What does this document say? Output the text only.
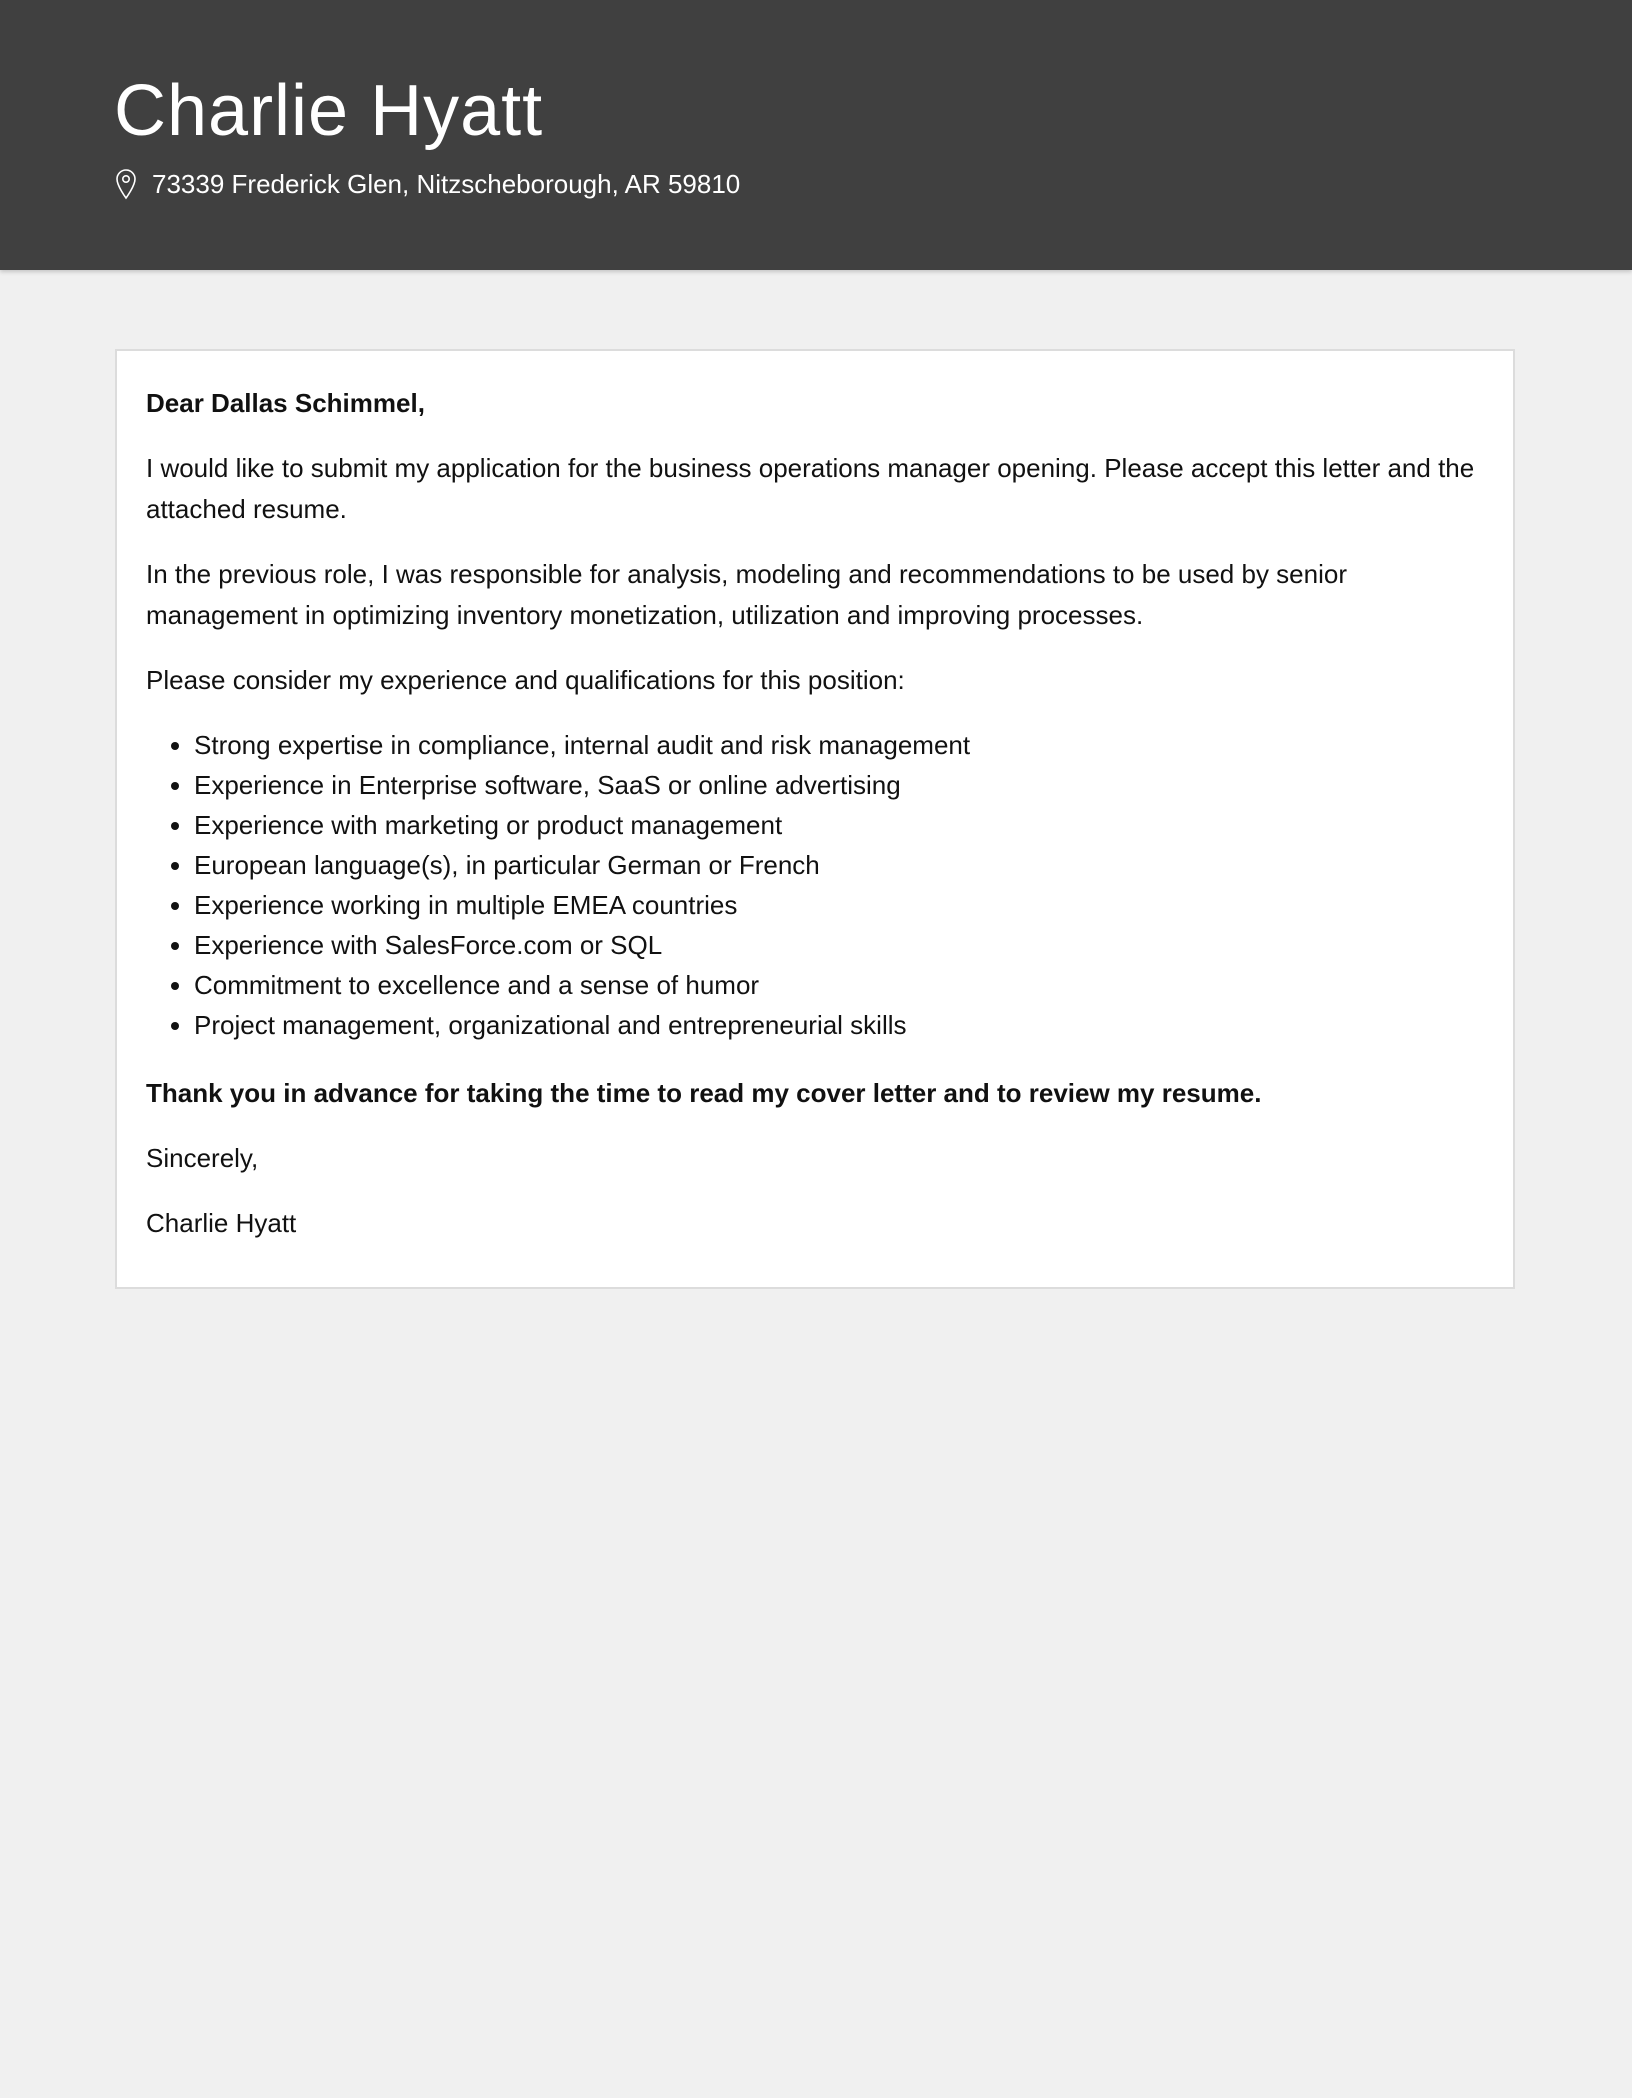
Charlie Hyatt
73339 Frederick Glen, Nitzscheborough, AR 59810

Dear Dallas Schimmel,

I would like to submit my application for the business operations manager opening. Please accept this letter and the attached resume.

In the previous role, I was responsible for analysis, modeling and recommendations to be used by senior management in optimizing inventory monetization, utilization and improving processes.

Please consider my experience and qualifications for this position:

• Strong expertise in compliance, internal audit and risk management
• Experience in Enterprise software, SaaS or online advertising
• Experience with marketing or product management
• European language(s), in particular German or French
• Experience working in multiple EMEA countries
• Experience with SalesForce.com or SQL
• Commitment to excellence and a sense of humor
• Project management, organizational and entrepreneurial skills

Thank you in advance for taking the time to read my cover letter and to review my resume.

Sincerely,

Charlie Hyatt
